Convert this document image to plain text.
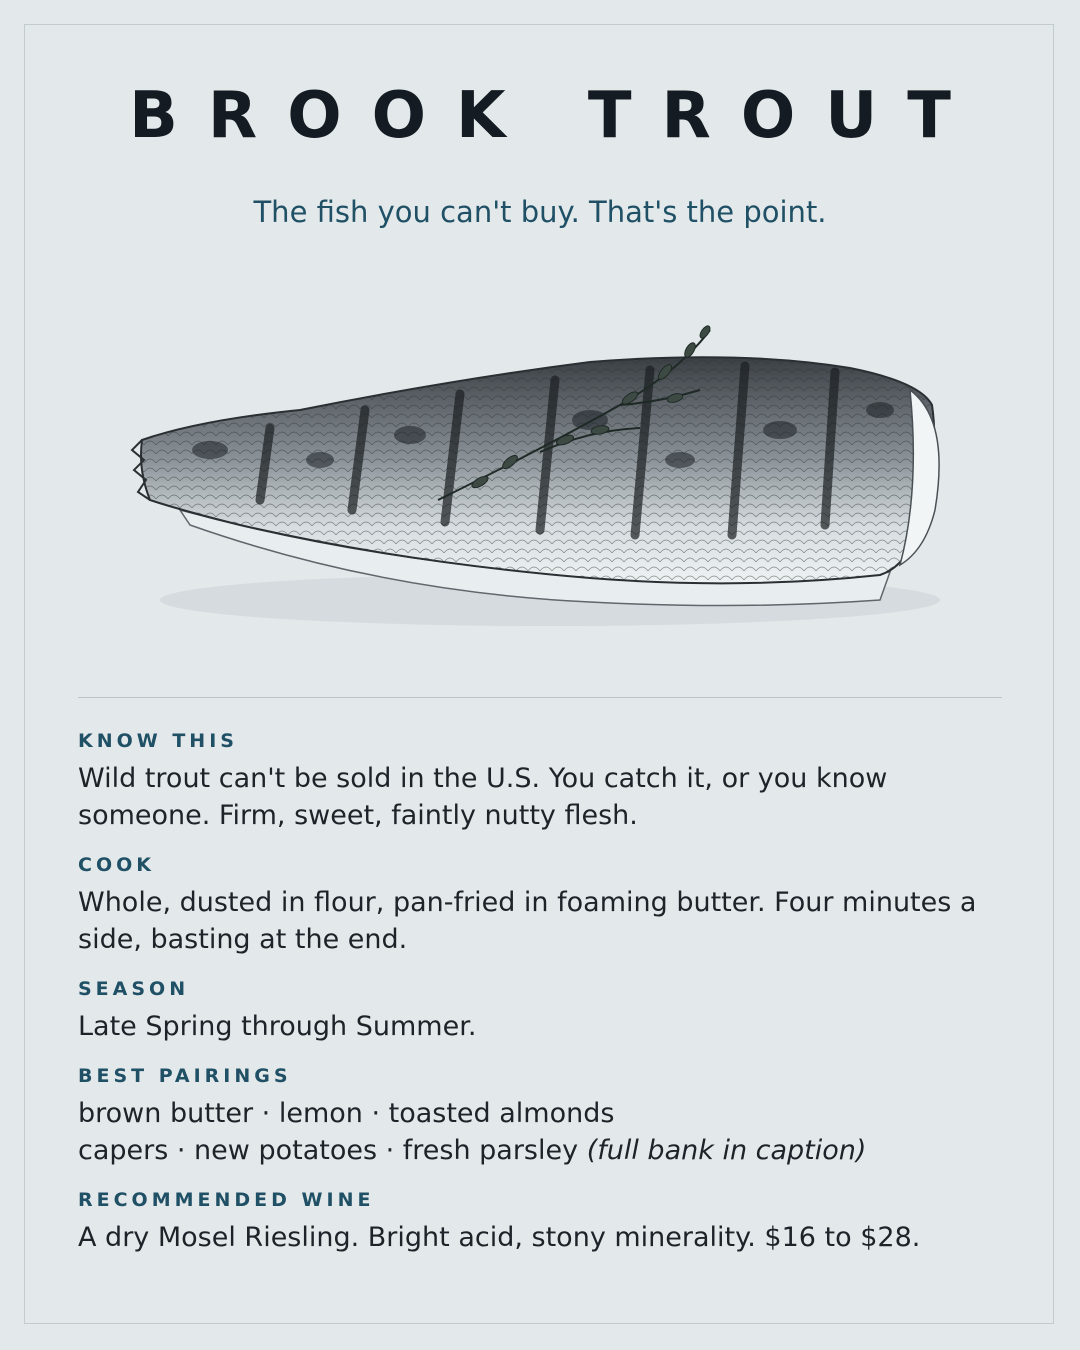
BROOK TROUT
The fish you can't buy. That's the point.
KNOW THIS
Wild trout can't be sold in the U.S. You catch it, or you know
someone. Firm, sweet, faintly nutty flesh.
COOK
Whole, dusted in flour, pan-fried in foaming butter. Four minutes a
side, basting at the end.
SEASON
Late Spring through Summer.
BEST PAIRINGS
brown butter · lemon · toasted almonds
capers · new potatoes · fresh parsley (full bank in caption)
RECOMMENDED WINE
A dry Mosel Riesling. Bright acid, stony minerality. $16 to $28.
